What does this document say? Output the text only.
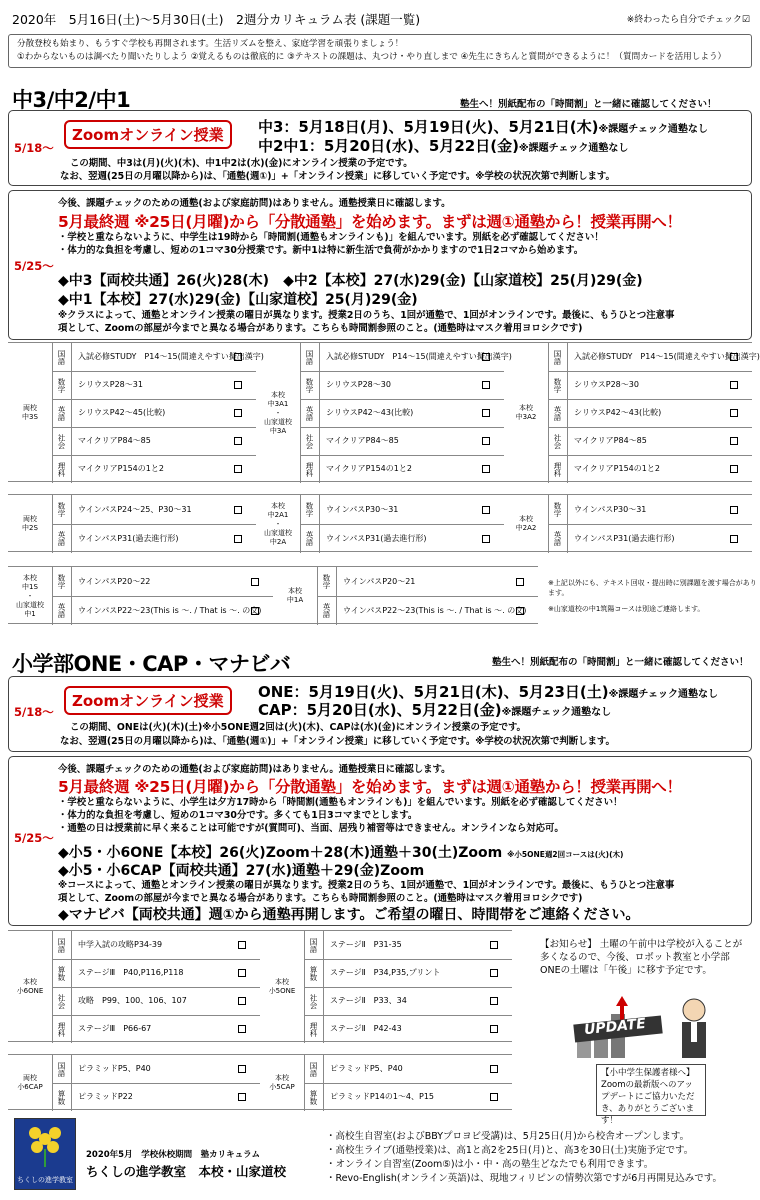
2020年　5月16日(土)～5月30日(土)　2週分カリキュラム表 (課題一覧)	※終わったら自分でチェック☑
分散登校も始まり、もうすぐ学校も再開されます。生活リズムを整え、家庭学習を頑張りましょう！
①わからないものは調べたり聞いたりしよう ②覚えるものは徹底的に ③テキストの課題は、丸つけ・やり直しまで ④先生にきちんと質問ができるように！（質問カードを活用しよう）
中3/中2/中1	塾生へ！別紙配布の「時間割」と一緒に確認してください！
5/18～
Zoomオンライン授業	中3：5月18日(月)、5月19日(火)、5月21日(木)※課題チェック通塾なし
中2中1：5月20日(水)、5月22日(金)※課題チェック通塾なし
この期間、中3は(月)(火)(木)、中1中2は(水)(金)にオンライン授業の予定です。
なお、翌週(25日の月曜以降から)は、「通塾(週①)」+「オンライン授業」に移していく予定です。※学校の状況次第で判断します。
5/25～
今後、課題チェックのための通塾(および家庭訪問)はありません。通塾授業日に確認します。
5月最終週 ※25日(月曜)から「分散通塾」を始めます。まずは週①通塾から！授業再開へ！
・学校と重ならないように、中学生は19時から「時間割(通塾もオンラインも)」を組んでいます。別紙を必ず確認してください！
・体力的な負担を考慮し、短めの1コマ30分授業です。新中1は特に新生活で負荷がかかりますので1日2コマから始めます。
◆中3【両校共通】26(火)28(木)　 ◆中2【本校】27(水)29(金)【山家道校】25(月)29(金)
◆中1【本校】27(水)29(金)【山家道校】25(月)29(金)
※クラスによって、通塾とオンライン授業の曜日が異なります。授業2日のうち、1回が通塾で、1回がオンラインです。最後に、もうひとつ注意事
項として、Zoomの部屋が今までと異なる場合があります。こちらも時間割参照のこと。(通塾時はマスク着用ヨロシクです)
両校
中3S
国語	入試必修STUDY　P14～15(間違えやすい擬出漢字)
数学	シリウスP28～31
英語	シリウスP42～45(比較)
社会	マイクリアP84～85
理科	マイクリアP154の1と2
本校
中3A1
・
山家道校
中3A
国語	入試必修STUDY　P14～15(間違えやすい擬出漢字)
数学	シリウスP28～30
英語	シリウスP42～43(比較)
社会	マイクリアP84～85
理科	マイクリアP154の1と2
本校
中3A2
国語	入試必修STUDY　P14～15(間違えやすい擬出漢字)
数学	シリウスP28～30
英語	シリウスP42～43(比較)
社会	マイクリアP84～85
理科	マイクリアP154の1と2
両校
中2S
数学	ウインパスP24～25、P30～31
英語	ウインパスP31(過去進行形)
本校
中2A1
・
山家道校
中2A
数学	ウインパスP30～31
英語	ウインパスP31(過去進行形)
本校
中2A2
数学	ウインパスP30～31
英語	ウインパスP31(過去進行形)
本校
中1S
・
山家道校
中1
数学	ウインパスP20～22
英語	ウインパスP22～23(This is ～. / That is ～. の文)
本校
中1A
数学	ウインパスP20～21
英語	ウインパスP22～23(This is ～. / That is ～. の文)
※上記以外にも、テキスト回収・提出時に別課題を渡す場合があります。
※山家道校の中1筑陽コースは別途ご連絡します。
小学部ONE・CAP・マナビバ	塾生へ！別紙配布の「時間割」と一緒に確認してください！
5/18～
Zoomオンライン授業	ONE：5月19日(火)、5月21日(木)、5月23日(土)※課題チェック通塾なし
CAP：5月20日(水)、5月22日(金)※課題チェック通塾なし
この期間、ONEは(火)(木)(土)※小5ONE週2回は(火)(木)、CAPは(水)(金)にオンライン授業の予定です。
なお、翌週(25日の月曜以降から)は、「通塾(週①)」+「オンライン授業」に移していく予定です。※学校の状況次第で判断します。
5/25～
今後、課題チェックのための通塾(および家庭訪問)はありません。通塾授業日に確認します。
5月最終週 ※25日(月曜)から「分散通塾」を始めます。まずは週①通塾から！授業再開へ！
・学校と重ならないように、小学生は夕方17時から「時間割(通塾もオンラインも)」を組んでいます。別紙を必ず確認してください！
・体力的な負担を考慮し、短めの1コマ30分です。多くても1日3コマまでとします。
・通塾の日は授業前に早く来ることは可能ですが(質問可)、当面、居残り補習等はできません。オンラインなら対応可。
◆小5・小6ONE【本校】26(火)Zoom＋28(木)通塾＋30(土)Zoom ※小5ONE週2回コースは(火)(木)
◆小5・小6CAP【両校共通】27(水)通塾＋29(金)Zoom
※コースによって、通塾とオンライン授業の曜日が異なります。授業2日のうち、1回が通塾で、1回がオンラインです。最後に、もうひとつ注意事
項として、Zoomの部屋が今までと異なる場合があります。こちらも時間割参照のこと。(通塾時はマスク着用ヨロシクです)
◆マナビバ【両校共通】週①から通塾再開します。ご希望の曜日、時間帯をご連絡ください。
本校
小6ONE
国語	中学入試の攻略P34-39
算数	ステージⅢ　P40,P116,P118
社会	攻略　P99、100、106、107
理科	ステージⅢ　P66-67
本校
小5ONE
国語	ステージⅡ　P31-35
算数	ステージⅡ　P34,P35,プリント
社会	ステージⅡ　P33、34
理科	ステージⅡ　P42-43
両校
小6CAP
国語	ピラミッドP5、P40
算数	ピラミッドP22
本校
小5CAP
国語	ピラミッドP5、P40
算数	ピラミッドP14の1～4、P15
【お知らせ】 土曜の午前中は学校が入ることが多くなるので、今後、ロボット教室と小学部ONEの土曜は「午後」に移す予定です。
UPDATE
【小中学生保護者様へ】Zoomの最新版へのアップデートにご協力いただき、ありがとうございます！
ちくしの進学教室
2020年5月　学校休校期間　塾カリキュラム
ちくしの進学教室　本校・山家道校
・高校生自習室(およびBBYプロヨビ受講)は、5月25日(月)から校舎オープンします。
・高校生ライブ(通塾授業)は、高1と高2を25日(月)と、高3を30日(土)実施予定です。
・オンライン自習室(Zoom⑤)は小・中・高の塾生どなたでも利用できます。
・Revo-English(オンライン英語)は、現地フィリピンの情勢次第ですが6月再開見込みです。
